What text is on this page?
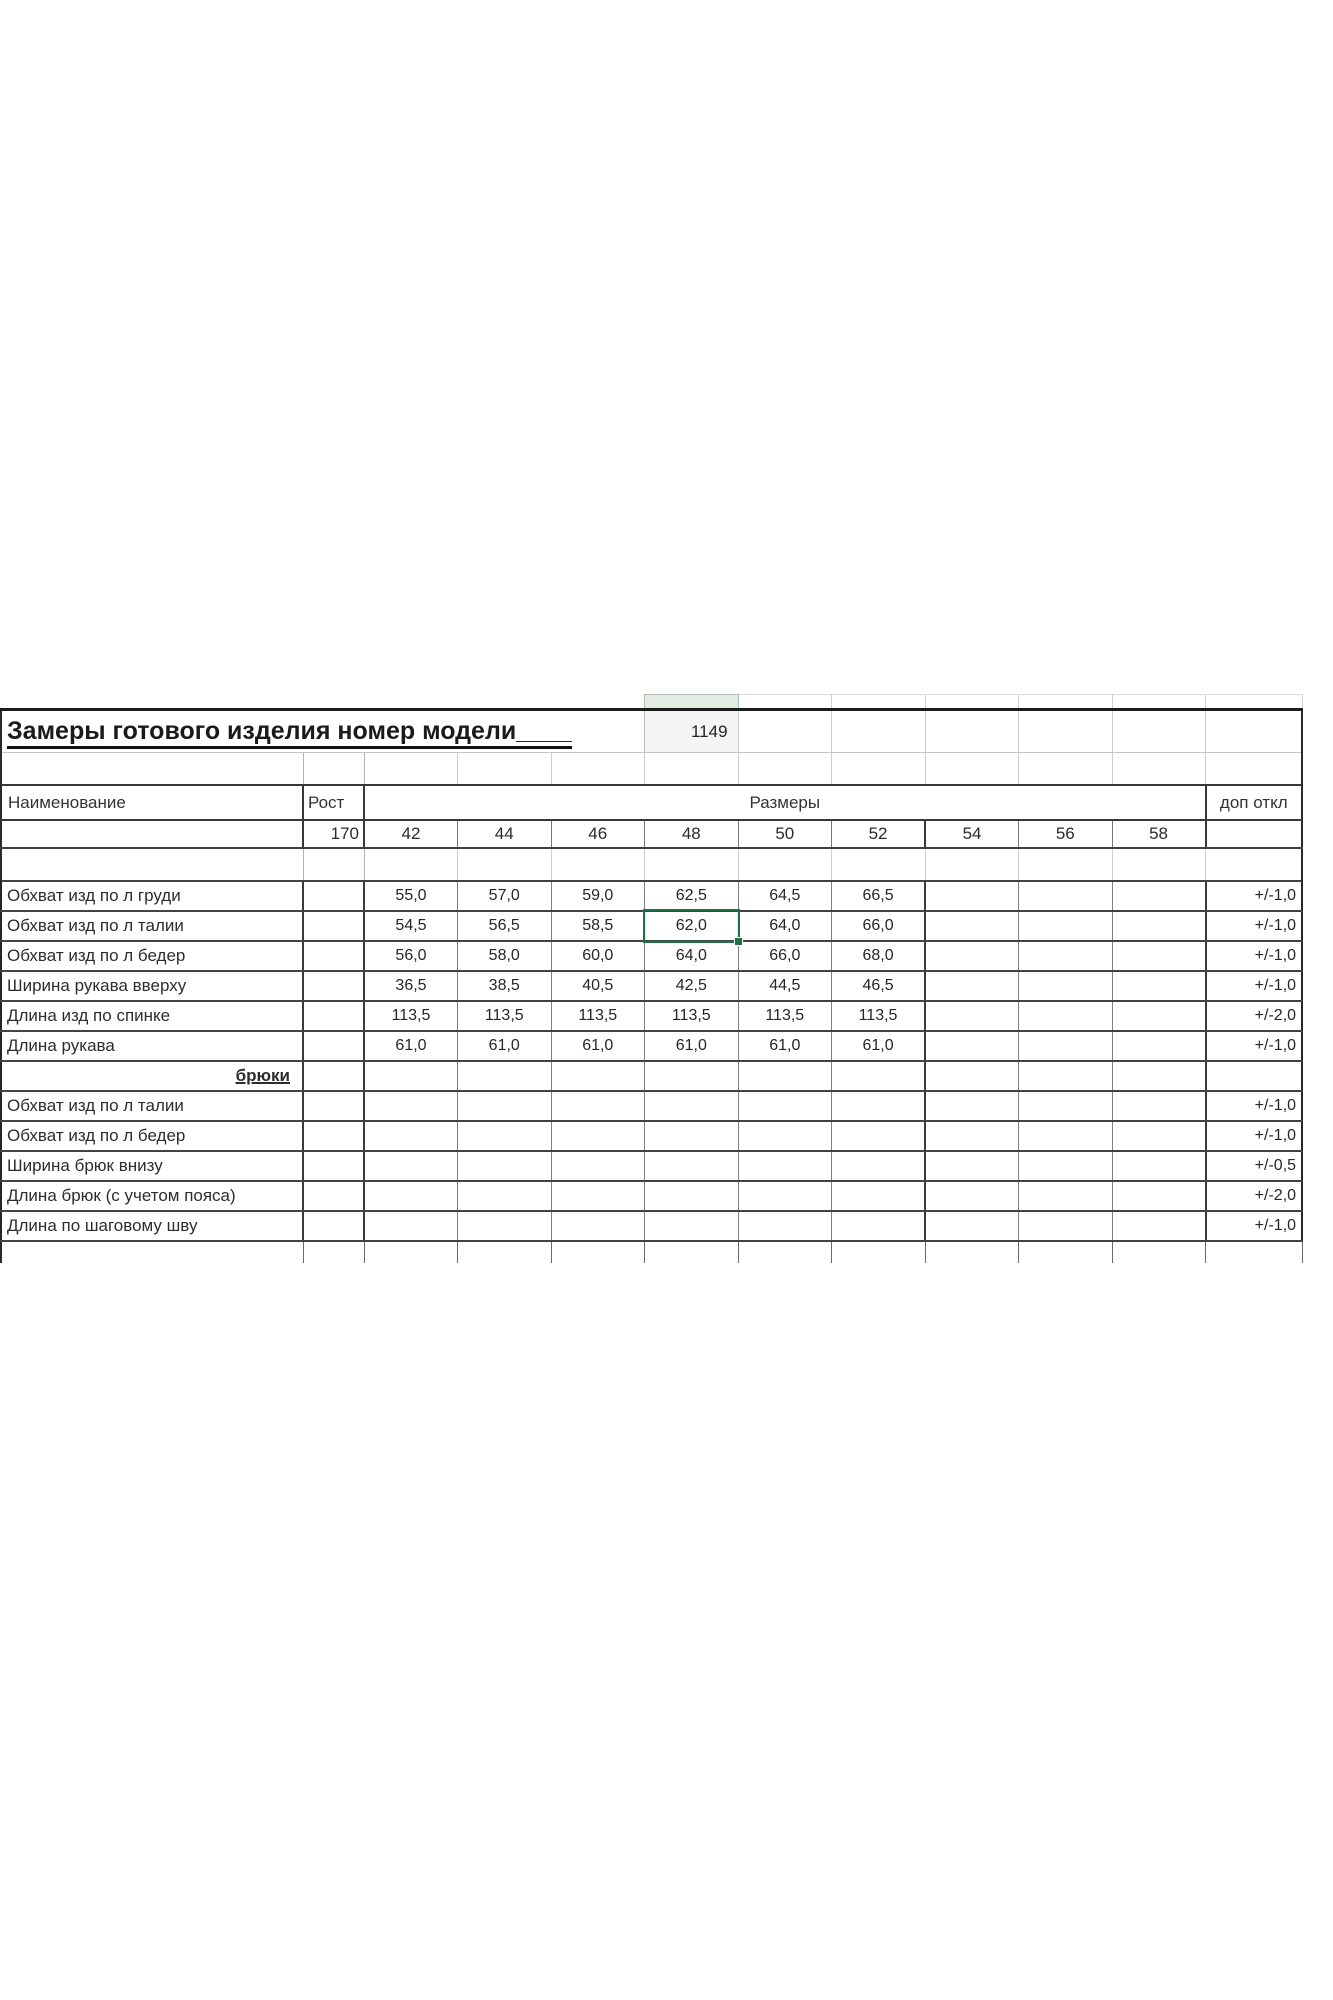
Замеры готового изделия номер модели____					1149						

Наименование	Рост	Размеры									доп откл
	170	42	44	46	48	50	52	54	56	58	

Обхват изд по л груди		55,0	57,0	59,0	62,5	64,5	66,5				+/-1,0
Обхват изд по л талии		54,5	56,5	58,5	62,0	64,0	66,0				+/-1,0
Обхват изд по л бедер		56,0	58,0	60,0	64,0	66,0	68,0				+/-1,0
Ширина рукава вверху		36,5	38,5	40,5	42,5	44,5	46,5				+/-1,0
Длина изд по спинке		113,5	113,5	113,5	113,5	113,5	113,5				+/-2,0
Длина рукава		61,0	61,0	61,0	61,0	61,0	61,0				+/-1,0
брюки											
Обхват изд по л талии											+/-1,0
Обхват изд по л бедер											+/-1,0
Ширина брюк внизу											+/-0,5
Длина брюк (с учетом пояса)											+/-2,0
Длина по шаговому шву											+/-1,0
